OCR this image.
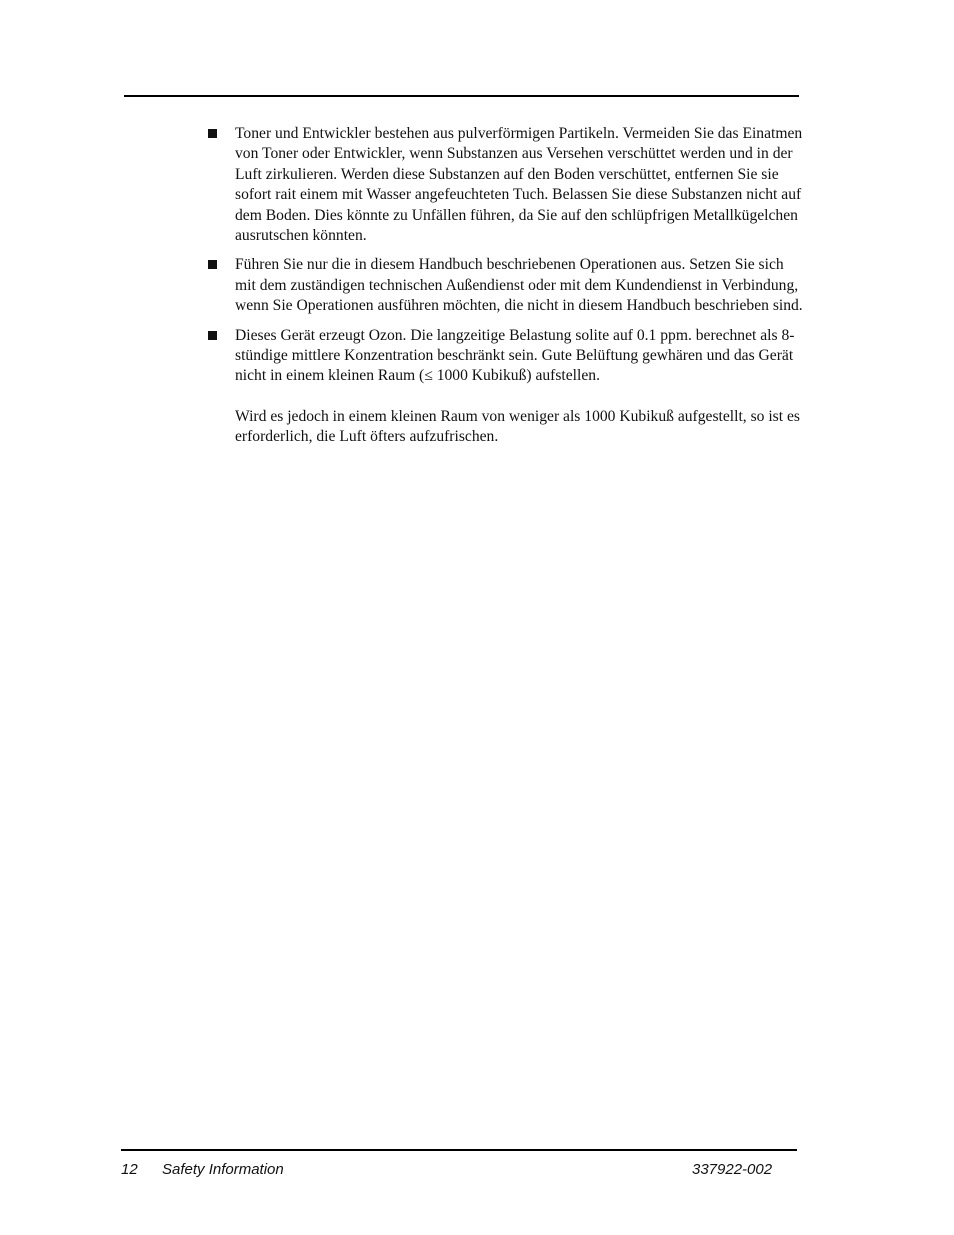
Toner und Entwickler bestehen aus pulverförmigen Partikeln. Vermeiden Sie das Einatmen von Toner oder Entwickler, wenn Substanzen aus Versehen verschüttet werden und in der Luft zirkulieren. Werden diese Substanzen auf den Boden verschüttet, entfernen Sie sie sofort rait einem mit Wasser angefeuchteten Tuch. Belassen Sie diese Substanzen nicht auf dem Boden. Dies könnte zu Unfällen führen, da Sie auf den schlüpfrigen Metallkügelchen ausrutschen könnten.
Führen Sie nur die in diesem Handbuch beschriebenen Operationen aus. Setzen Sie sich mit dem zuständigen technischen Außendienst oder mit dem Kundendienst in Verbindung, wenn Sie Operationen ausführen möchten, die nicht in diesem Handbuch beschrieben sind.
Dieses Gerät erzeugt Ozon. Die langzeitige Belastung solite auf 0.1 ppm. berechnet als 8-stündige mittlere Konzentration beschränkt sein. Gute Belüftung gewhären und das Gerät nicht in einem kleinen Raum (≤ 1000 Kubikuß) aufstellen.
Wird es jedoch in einem kleinen Raum von weniger als 1000 Kubikuß aufgestellt, so ist es erforderlich, die Luft öfters aufzufrischen.
12 Safety Information	337922-002
